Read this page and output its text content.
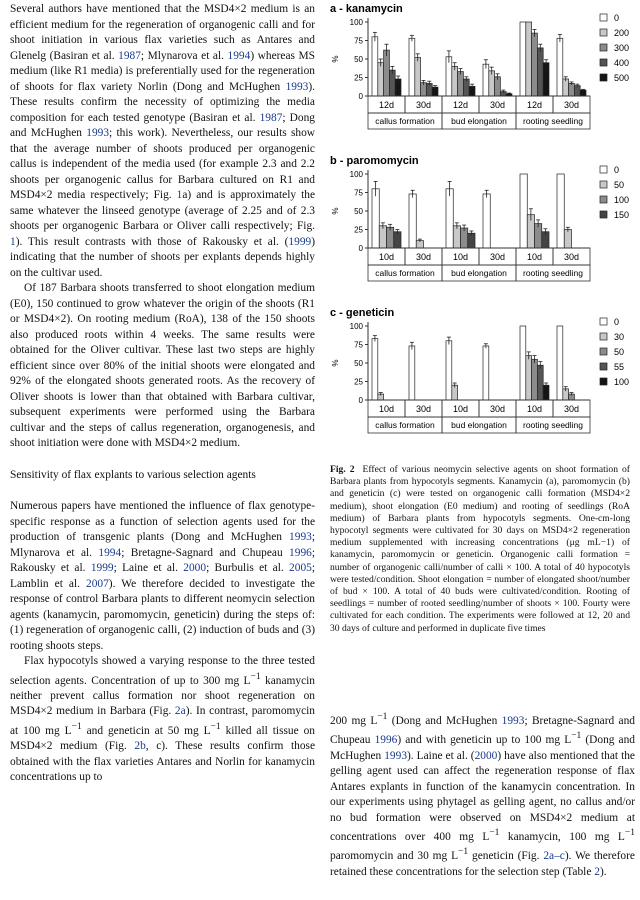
Several authors have mentioned that the MSD4×2 medium is an efficient medium for the regeneration of organogenic calli and for shoot initiation in various flax varieties such as Antares and Glenelg (Basiran et al. 1987; Mlynarova et al. 1994) whereas MS medium (like R1 media) is preferentially used for the regeneration of shoots for flax variety Norlin (Dong and McHughen 1993). These results confirm the necessity of optimizing the media composition for each tested genotype (Basiran et al. 1987; Dong and McHughen 1993; this work). Nevertheless, our results show that the average number of shoots produced per organogenic callus is independent of the media used (for example 2.3 and 2.2 shoots per organogenic callus for Barbara cultured on R1 and MSD4×2 media respectively; Fig. 1a) and is approximately the same whatever the linseed genotype (average of 2.25 and of 2.3 shoots per organogenic Barbara or Oliver calli respectively; Fig. 1). This result contrasts with those of Rakousky et al. (1999) indicating that the number of shoots per explants depends highly on the cultivar used.

Of 187 Barbara shoots transferred to shoot elongation medium (E0), 150 continued to grow whatever the origin of the shoots (R1 or MSD4×2). On rooting medium (RoA), 138 of the 150 shoots also produced roots within 4 weeks. The same results were obtained for the Oliver cultivar. These last two steps are highly efficient since over 80% of the initial shoots were elongated and 92% of the elongated shoots generated roots. As the recovery of Oliver shoots is lower than that obtained with Barbara cultivar, subsequent experiments were performed using the Barbara cultivar and the steps of callus regeneration, organogenesis, and shoot initiation were done with MSD4×2 medium.

Sensitivity of flax explants to various selection agents

Numerous papers have mentioned the influence of flax genotype-specific response as a function of selection agents used for the production of transgenic plants (Dong and McHughen 1993; Mlynarova et al. 1994; Bretagne-Sagnard and Chupeau 1996; Rakousky et al. 1999; Laine et al. 2000; Burbulis et al. 2005; Lamblin et al. 2007). We therefore decided to investigate the response of control Barbara plants to different neomycin selection agents (kanamycin, paromomycin, geneticin) during the steps of: (1) regeneration of organogenic calli, (2) induction of buds and (3) rooting shoots steps.

Flax hypocotyls showed a varying response to the three tested selection agents. Concentration of up to 300 mg $L^{-1}$ kanamycin neither prevent callus formation nor shoot regeneration on MSD4×2 medium in Barbara (Fig. 2a). In contrast, paromomycin at 100 mg $L^{-1}$ and geneticin at 50 mg $L^{-1}$ killed all tissue on MSD4×2 medium (Fig. 2b, c). These results confirm those obtained with the flax varieties Antares and Norlin for kanamycin concentrations up to

a - kanamycin
0
25
50
75
100
%
12d 30d 12d 30d 12d 30d
callus formation bud elongation rooting seedling
0
200
300
400
500
b - paromomycin
0
25
50
75
100
%
10d 30d 10d 30d 10d 30d
callus formation bud elongation rooting seedling
0
50
100
150
c - geneticin
0
25
50
75
100
%
10d 30d 10d 30d 10d 30d
callus formation bud elongation rooting seedling
0
30
50
55
100
Fig. 2 Effect of various neomycin selective agents on shoot formation of Barbara plants from hypocotyls segments. Kanamycin (a), paromomycin (b) and geneticin (c) were tested on organogenic calli formation (MSD4×2 medium), shoot elongation (E0 medium) and rooting of seedlings (RoA medium) of Barbara plants from hypocotyls segments. One-cm-long hypocotyl segments were cultivated for 30 days on MSD4×2 regeneration medium supplemented with increasing concentrations (μg mL−1) of kanamycin, paromomycin or geneticin. Organogenic calli formation = number of organogenic calli/number of calli × 100. A total of 40 hypocotyls were tested/condition. Shoot elongation = number of elongated shoot/number of bud × 100. A total of 40 buds were cultivated/condition. Rooting of seedlings = number of rooted seedling/number of shoots × 100. Fourty were cultivated for each condition. The experiments were followed at 12, 20 and 30 days of culture and performed in duplicate five times

200 mg $L^{-1}$ (Dong and McHughen 1993; Bretagne-Sagnard and Chupeau 1996) and with geneticin up to 100 mg $L^{-1}$ (Dong and McHughen 1993). Laine et al. (2000) have also mentioned that the gelling agent used can affect the regeneration response of flax Antares explants in function of the kanamycin concentration. In our experiments using phytagel as gelling agent, no callus and/or no bud formation were observed on MSD4×2 medium at concentrations over 400 mg $L^{-1}$ kanamycin, 100 mg $L^{-1}$ paromomycin and 30 mg $L^{-1}$ geneticin (Fig. 2a–c). We therefore retained these concentrations for the selection step (Table 2).
